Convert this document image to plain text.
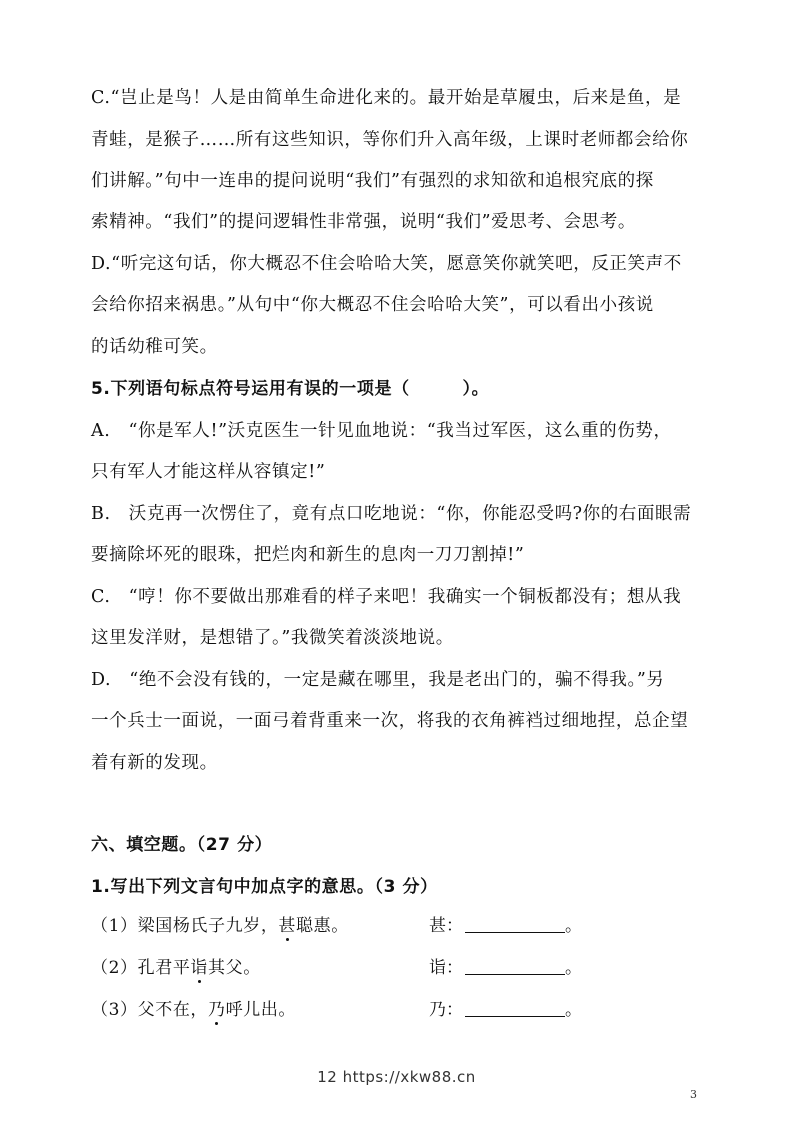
C.“岂止是鸟！人是由简单生命进化来的。最开始是草履虫，后来是鱼，是
青蛙，是猴子……所有这些知识，等你们升入高年级，上课时老师都会给你
们讲解。”句中一连串的提问说明“我们”有强烈的求知欲和追根究底的探
索精神。“我们”的提问逻辑性非常强，说明“我们”爱思考、会思考。
D.“听完这句话，你大概忍不住会哈哈大笑，愿意笑你就笑吧，反正笑声不
会给你招来祸患。”从句中“你大概忍不住会哈哈大笑”，可以看出小孩说
的话幼稚可笑。
5.下列语句标点符号运用有误的一项是（　　　）。
A.　“你是军人!”沃克医生一针见血地说：“我当过军医，这么重的伤势，
只有军人才能这样从容镇定!”
B.　沃克再一次愣住了，竟有点口吃地说：“你，你能忍受吗?你的右面眼需
要摘除坏死的眼珠，把烂肉和新生的息肉一刀刀割掉!”
C.　“哼！你不要做出那难看的样子来吧！我确实一个铜板都没有；想从我
这里发洋财，是想错了。”我微笑着淡淡地说。
D.　“绝不会没有钱的，一定是藏在哪里，我是老出门的，骗不得我。”另
一个兵士一面说，一面弓着背重来一次，将我的衣角裤裆过细地捏，总企望
着有新的发现。
六、填空题。（27 分）
1.写出下列文言句中加点字的意思。（3 分）
（1）梁国杨氏子九岁，甚聪惠。	甚：	。
（2）孔君平诣其父。	诣：	。
（3）父不在，乃呼儿出。	乃：	。
12 https://xkw88.cn
3
